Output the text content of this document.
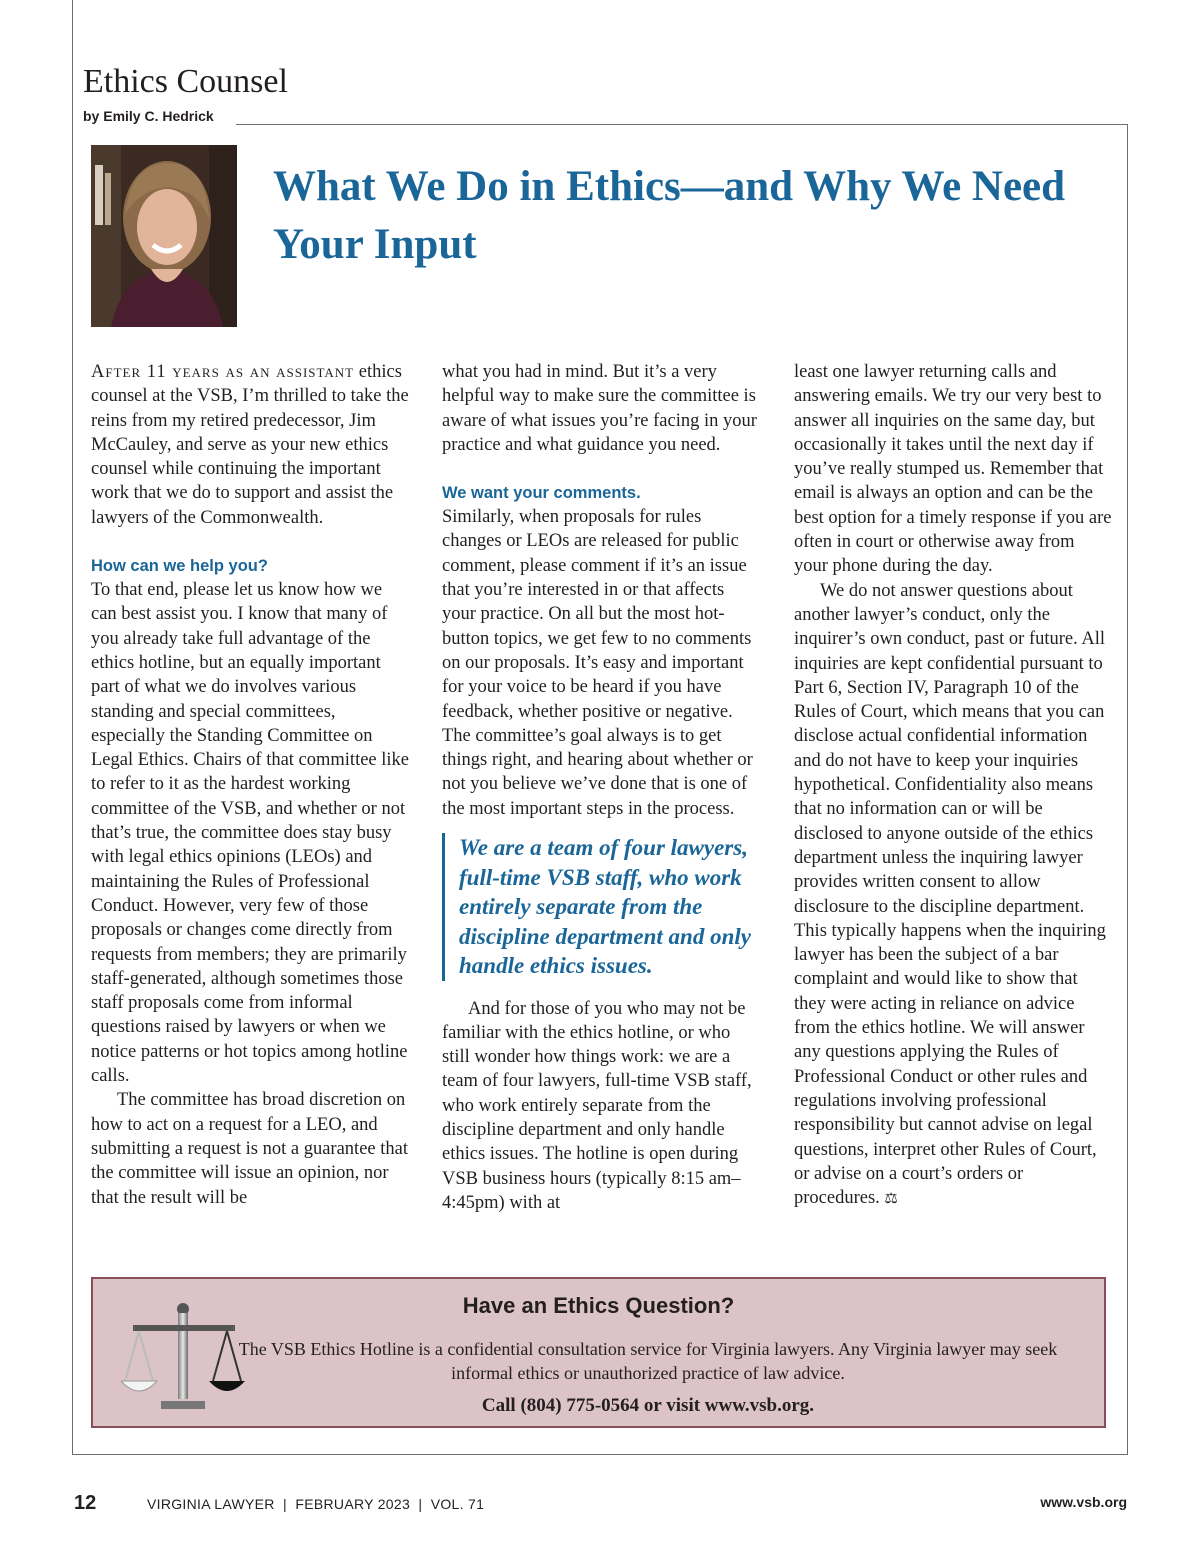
Ethics Counsel
by Emily C. Hedrick
What We Do in Ethics—and Why We Need Your Input

After 11 years as an assistant ethics counsel at the VSB, I’m thrilled to take the reins from my retired predecessor, Jim McCauley, and serve as your new ethics counsel while continuing the important work that we do to support and assist the lawyers of the Commonwealth.

How can we help you?

To that end, please let us know how we can best assist you. I know that many of you already take full advantage of the ethics hotline, but an equally important part of what we do involves various standing and special committees, especially the Standing Committee on Legal Ethics. Chairs of that committee like to refer to it as the hardest working committee of the VSB, and whether or not that’s true, the committee does stay busy with legal ethics opinions (LEOs) and maintaining the Rules of Professional Conduct. However, very few of those proposals or changes come directly from requests from members; they are primarily staff-generated, although sometimes those staff proposals come from informal questions raised by lawyers or when we notice patterns or hot topics among hotline calls.

The committee has broad discretion on how to act on a request for a LEO, and submitting a request is not a guarantee that the committee will issue an opinion, nor that the result will be

what you had in mind. But it’s a very helpful way to make sure the committee is aware of what issues you’re facing in your practice and what guidance you need.

We want your comments.

Similarly, when proposals for rules changes or LEOs are released for public comment, please comment if it’s an issue that you’re interested in or that affects your practice. On all but the most hot-button topics, we get few to no comments on our proposals. It’s easy and important for your voice to be heard if you have feedback, whether positive or negative. The committee’s goal always is to get things right, and hearing about whether or not you believe we’ve done that is one of the most important steps in the process.

We are a team of four lawyers, full-time VSB staff, who work entirely separate from the discipline department and only handle ethics issues.

And for those of you who may not be familiar with the ethics hotline, or who still wonder how things work: we are a team of four lawyers, full-time VSB staff, who work entirely separate from the discipline department and only handle ethics issues. The hotline is open during VSB business hours (typically 8:15 am–4:45pm) with at

least one lawyer returning calls and answering emails. We try our very best to answer all inquiries on the same day, but occasionally it takes until the next day if you’ve really stumped us. Remember that email is always an option and can be the best option for a timely response if you are often in court or otherwise away from your phone during the day.

We do not answer questions about another lawyer’s conduct, only the inquirer’s own conduct, past or future. All inquiries are kept confidential pursuant to Part 6, Section IV, Paragraph 10 of the Rules of Court, which means that you can disclose actual confidential information and do not have to keep your inquiries hypothetical. Confidentiality also means that no information can or will be disclosed to anyone outside of the ethics department unless the inquiring lawyer provides written consent to allow disclosure to the discipline department. This typically happens when the inquiring lawyer has been the subject of a bar complaint and would like to show that they were acting in reliance on advice from the ethics hotline. We will answer any questions applying the Rules of Professional Conduct or other rules and regulations involving professional responsibility but cannot advise on legal questions, interpret other Rules of Court, or advise on a court’s orders or procedures. ⚖

Have an Ethics Question?
The VSB Ethics Hotline is a confidential consultation service for Virginia lawyers. Any Virginia lawyer may seek informal ethics or unauthorized practice of law advice.
Call (804) 775-0564 or visit www.vsb.org.
12	VIRGINIA LAWYER  |  FEBRUARY 2023  |  VOL. 71	www.vsb.org
